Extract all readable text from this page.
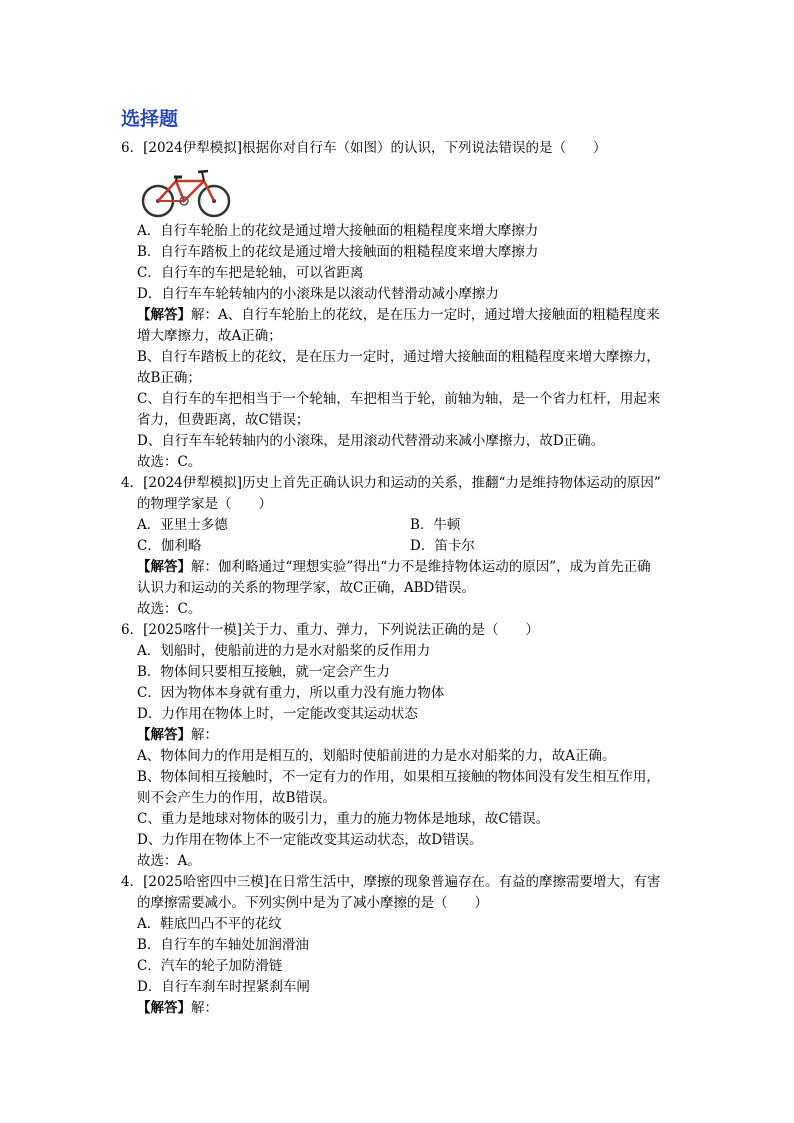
选择题
6．[2024伊犁模拟]根据你对自行车（如图）的认识，下列说法错误的是（　　）
A．自行车轮胎上的花纹是通过增大接触面的粗糙程度来增大摩擦力
B．自行车踏板上的花纹是通过增大接触面的粗糙程度来增大摩擦力
C．自行车的车把是轮轴，可以省距离
D．自行车车轮转轴内的小滚珠是以滚动代替滑动减小摩擦力
【解答】解：A、自行车轮胎上的花纹，是在压力一定时，通过增大接触面的粗糙程度来
增大摩擦力，故A正确；
B、自行车踏板上的花纹，是在压力一定时，通过增大接触面的粗糙程度来增大摩擦力，
故B正确；
C、自行车的车把相当于一个轮轴，车把相当于轮，前轴为轴，是一个省力杠杆，用起来
省力，但费距离，故C错误；
D、自行车车轮转轴内的小滚珠，是用滚动代替滑动来减小摩擦力，故D正确。
故选：C。
4．[2024伊犁模拟]历史上首先正确认识力和运动的关系，推翻“力是维持物体运动的原因”
的物理学家是（　　）
A．亚里士多德	B．牛顿
C．伽利略	D．笛卡尔
【解答】解：伽利略通过“理想实验”得出“力不是维持物体运动的原因”，成为首先正确
认识力和运动的关系的物理学家，故C正确，ABD错误。
故选：C。
6．[2025喀什一模]关于力、重力、弹力，下列说法正确的是（　　）
A．划船时，使船前进的力是水对船桨的反作用力
B．物体间只要相互接触，就一定会产生力
C．因为物体本身就有重力，所以重力没有施力物体
D．力作用在物体上时，一定能改变其运动状态
【解答】解：
A、物体间力的作用是相互的，划船时使船前进的力是水对船桨的力，故A正确。
B、物体间相互接触时，不一定有力的作用，如果相互接触的物体间没有发生相互作用，
则不会产生力的作用，故B错误。
C、重力是地球对物体的吸引力，重力的施力物体是地球，故C错误。
D、力作用在物体上不一定能改变其运动状态，故D错误。
故选：A。
4．[2025哈密四中三模]在日常生活中，摩擦的现象普遍存在。有益的摩擦需要增大，有害
的摩擦需要减小。下列实例中是为了减小摩擦的是（　　）
A．鞋底凹凸不平的花纹
B．自行车的车轴处加润滑油
C．汽车的轮子加防滑链
D．自行车刹车时捏紧刹车闸
【解答】解：
